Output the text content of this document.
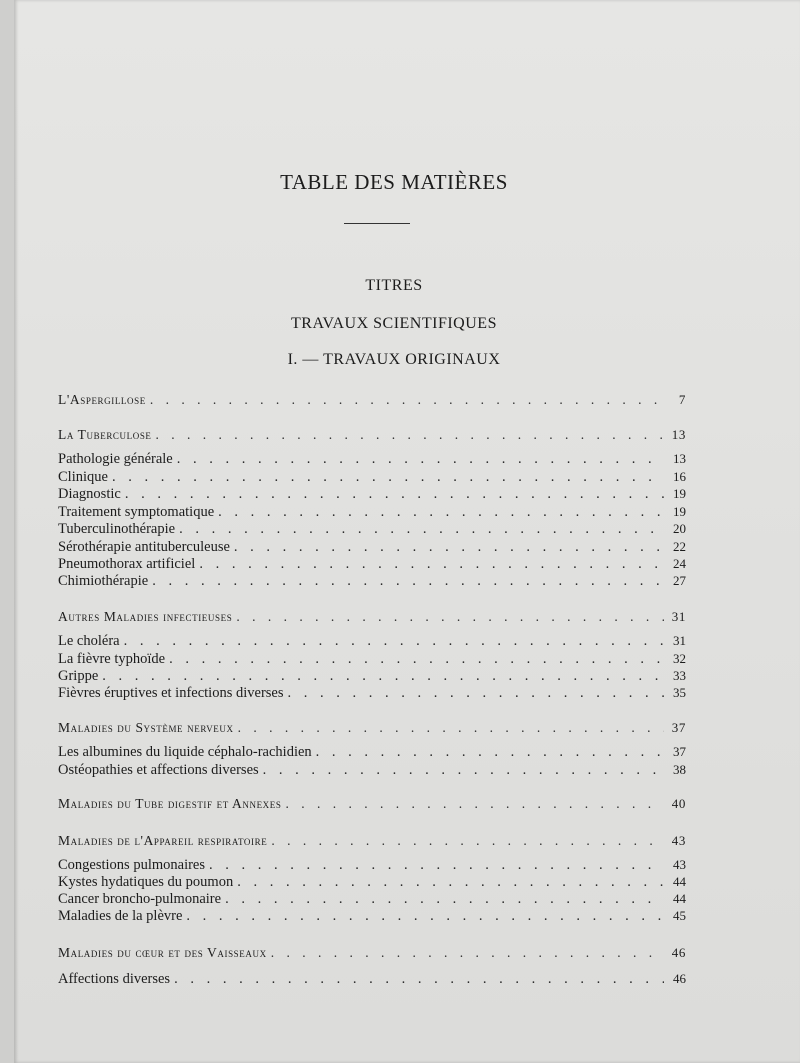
TABLE DES MATIÈRES
TITRES
TRAVAUX SCIENTIFIQUES
I. — TRAVAUX ORIGINAUX
L'Aspergillose . . .	7
La Tuberculose . . .	13
Pathologie générale . . .	13
Clinique . . .	16
Diagnostic . . .	19
Traitement symptomatique . . .	19
Tuberculinothérapie . . .	20
Sérothérapie antituberculeuse . . .	22
Pneumothorax artificiel . . .	24
Chimiothérapie . . .	27
Autres Maladies infectieuses . . .	31
Le choléra . . .	31
La fièvre typhoïde . . .	32
Grippe . . .	33
Fièvres éruptives et infections diverses . . .	35
Maladies du Système nerveux . . .	37
Les albumines du liquide céphalo-rachidien . . .	37
Ostéopathies et affections diverses . . .	38
Maladies du Tube digestif et Annexes . . .	40
Maladies de l'Appareil respiratoire . . .	43
Congestions pulmonaires . . .	43
Kystes hydatiques du poumon . . .	44
Cancer broncho-pulmonaire . . .	44
Maladies de la plèvre . . .	45
Maladies du cœur et des Vaisseaux . . .	46
Affections diverses . . .	46
